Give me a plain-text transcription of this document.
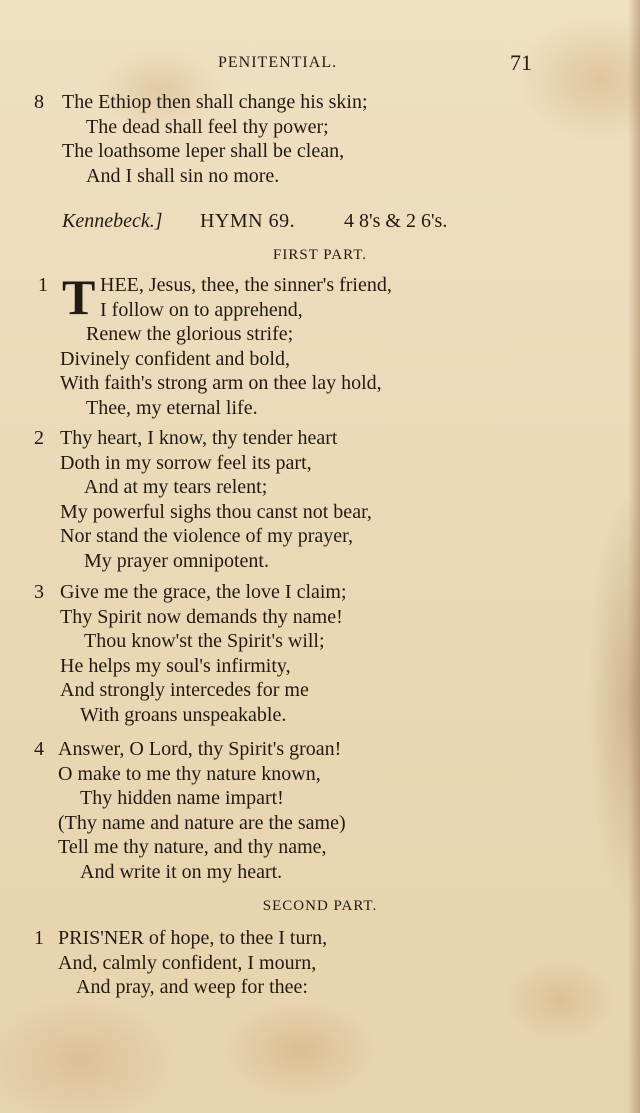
PENITENTIAL.	71
8 The Ethiop then shall change his skin;
The dead shall feel thy power;
The loathsome leper shall be clean,
And I shall sin no more.
Kennebeck.] HYMN 69. 4 8's & 2 6's.
FIRST PART.
T
1	HEE, Jesus, thee, the sinner's friend,
I follow on to apprehend,
Renew the glorious strife;
Divinely confident and bold,
With faith's strong arm on thee lay hold,
Thee, my eternal life.
2 Thy heart, I know, thy tender heart
Doth in my sorrow feel its part,
And at my tears relent;
My powerful sighs thou canst not bear,
Nor stand the violence of my prayer,
My prayer omnipotent.
3 Give me the grace, the love I claim;
Thy Spirit now demands thy name!
Thou know'st the Spirit's will;
He helps my soul's infirmity,
And strongly intercedes for me
With groans unspeakable.
4 Answer, O Lord, thy Spirit's groan!
O make to me thy nature known,
Thy hidden name impart!
(Thy name and nature are the same)
Tell me thy nature, and thy name,
And write it on my heart.
SECOND PART.
1 PRIS'NER of hope, to thee I turn,
And, calmly confident, I mourn,
And pray, and weep for thee:
